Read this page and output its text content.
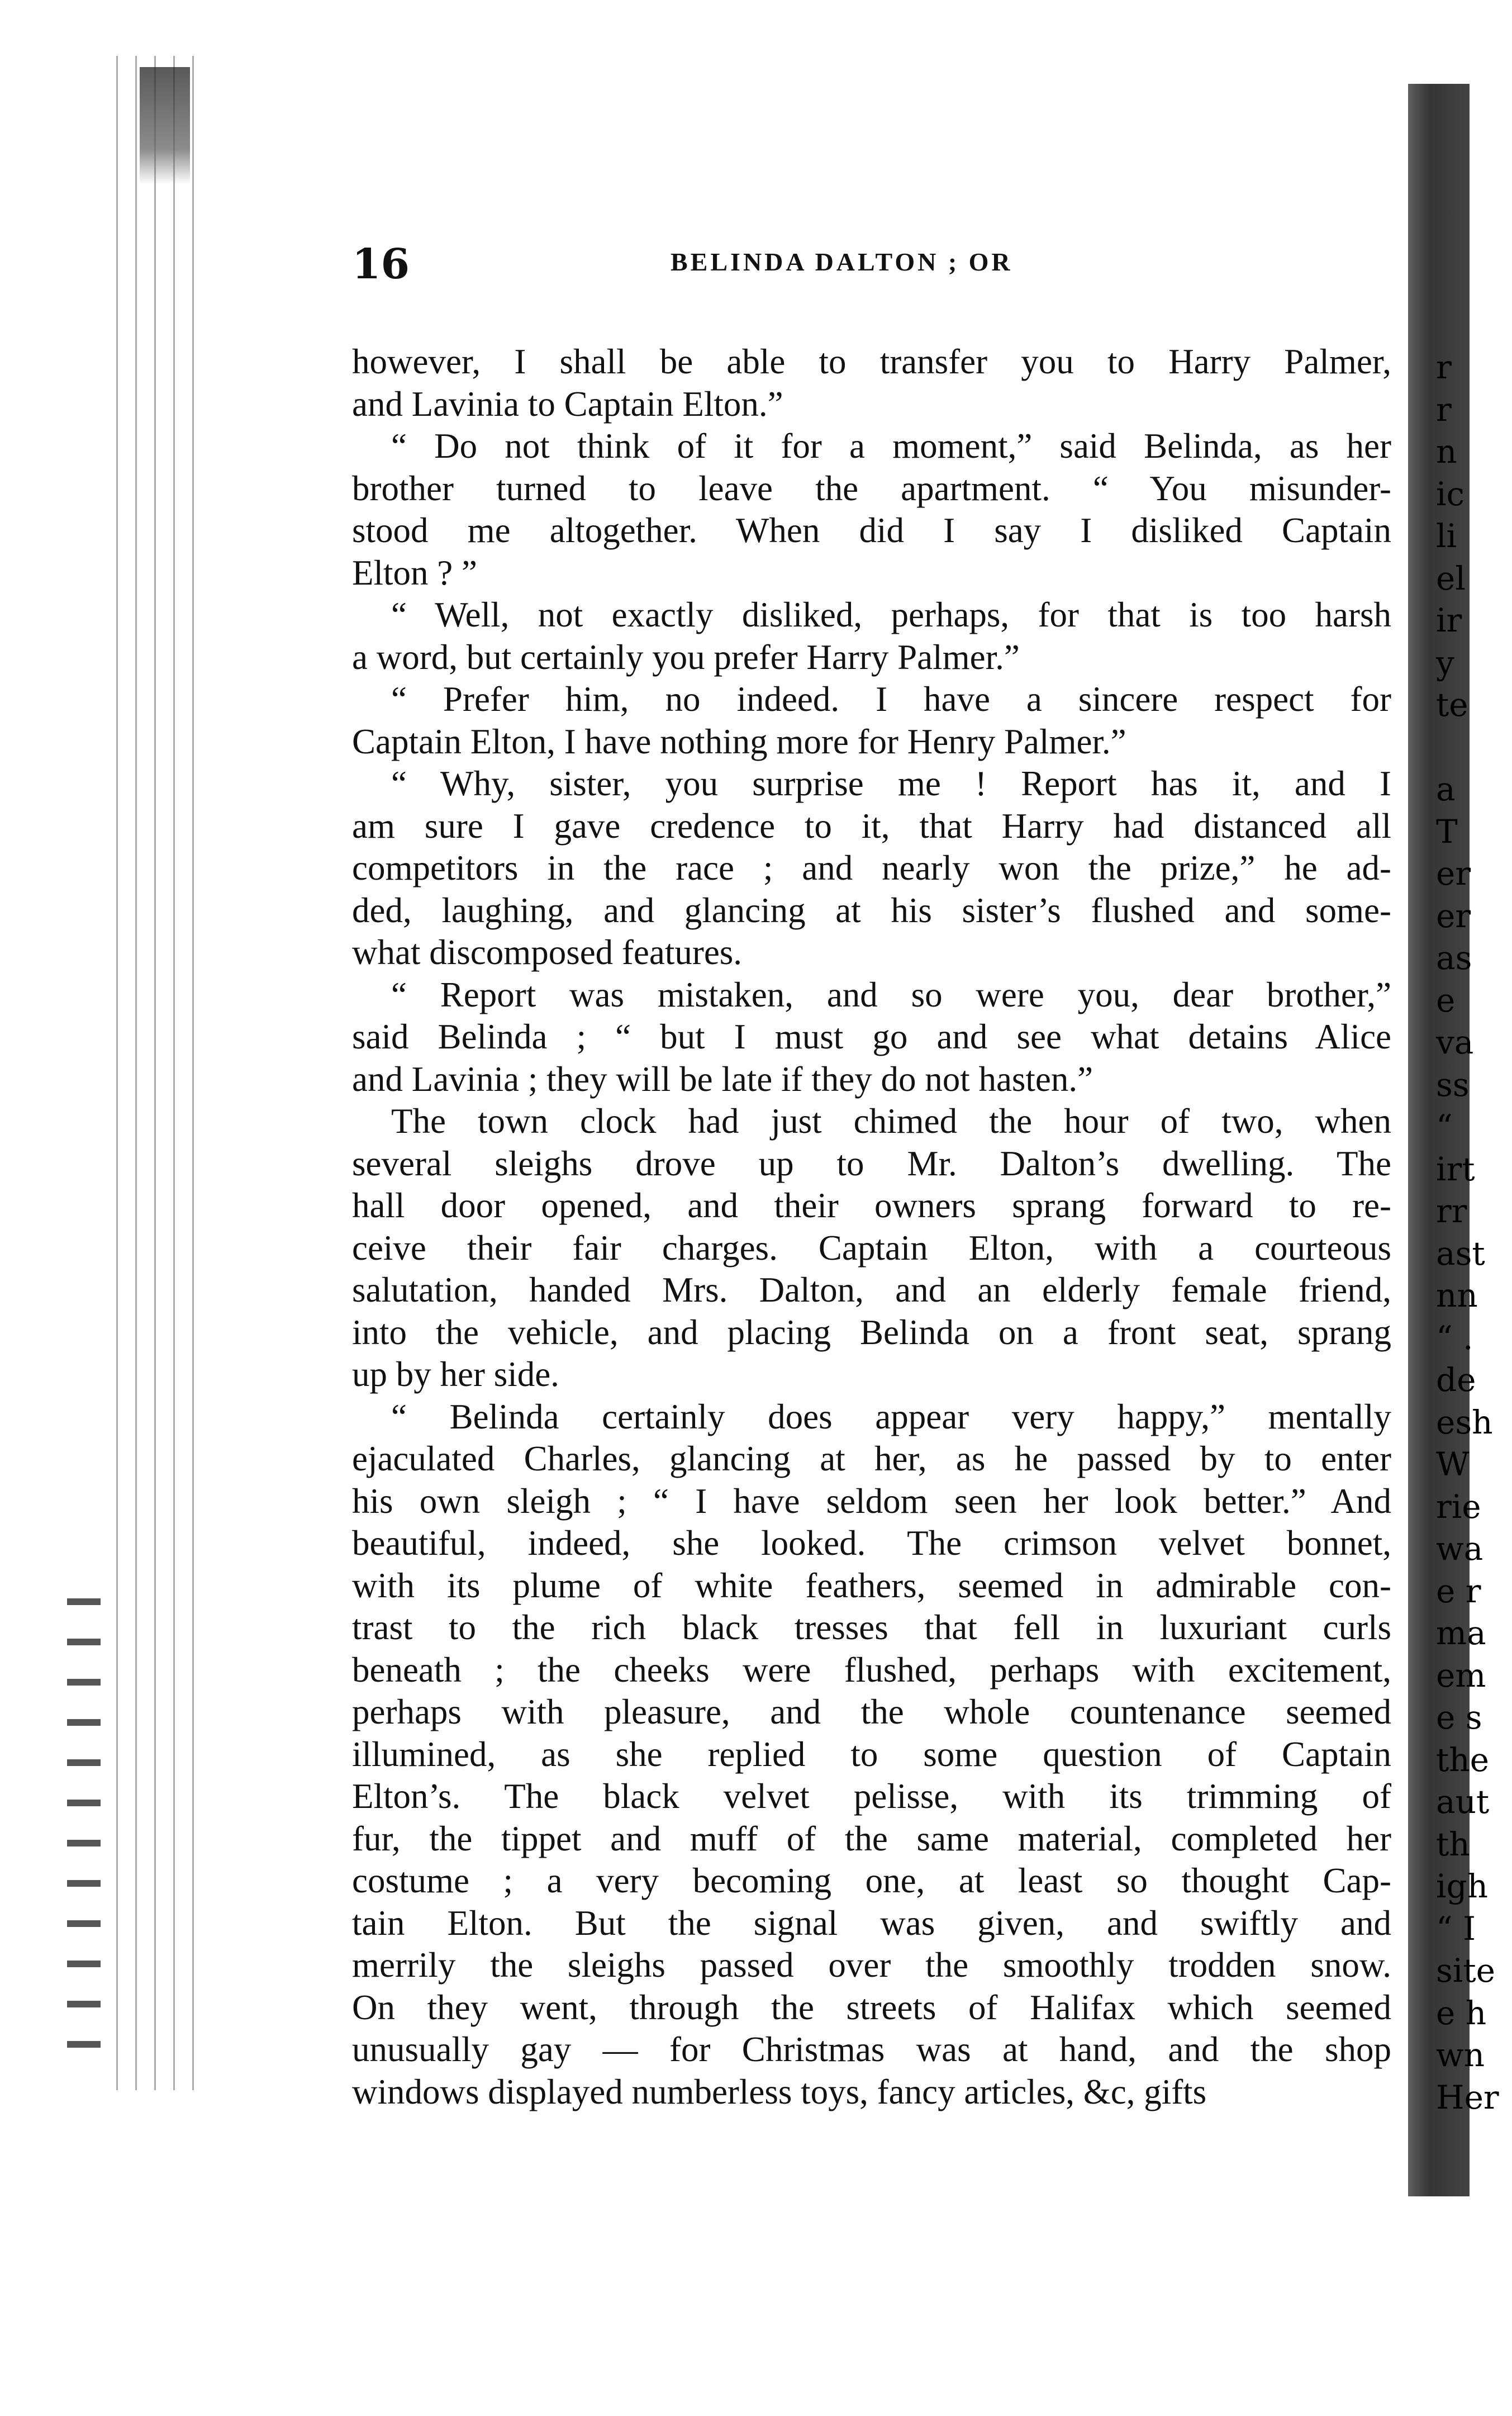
r
r
n
ic
li
el
ir
y
te

a
T
er
er
as
e
va
ss
“
irt
rr
ast
nn
“ .
de
esh
W
rie
wa
e r
ma
em
e s
the
aut
th
igh
“ I
site
e h
wn
Her
16	BELINDA DALTON ; OR
however, I shall be able to transfer you to Harry Palmer,
and Lavinia to Captain Elton.”
“ Do not think of it for a moment,” said Belinda, as her
brother turned to leave the apartment. “ You misunder-
stood me altogether. When did I say I disliked Captain
Elton ? ”
“ Well, not exactly disliked, perhaps, for that is too harsh
a word, but certainly you prefer Harry Palmer.”
“ Prefer him, no indeed. I have a sincere respect for
Captain Elton, I have nothing more for Henry Palmer.”
“ Why, sister, you surprise me ! Report has it, and I
am sure I gave credence to it, that Harry had distanced all
competitors in the race ; and nearly won the prize,” he ad-
ded, laughing, and glancing at his sister’s flushed and some-
what discomposed features.
“ Report was mistaken, and so were you, dear brother,”
said Belinda ; “ but I must go and see what detains Alice
and Lavinia ; they will be late if they do not hasten.”
The town clock had just chimed the hour of two, when
several sleighs drove up to Mr. Dalton’s dwelling. The
hall door opened, and their owners sprang forward to re-
ceive their fair charges. Captain Elton, with a courteous
salutation, handed Mrs. Dalton, and an elderly female friend,
into the vehicle, and placing Belinda on a front seat, sprang
up by her side.
“ Belinda certainly does appear very happy,” mentally
ejaculated Charles, glancing at her, as he passed by to enter
his own sleigh ; “ I have seldom seen her look better.” And
beautiful, indeed, she looked. The crimson velvet bonnet,
with its plume of white feathers, seemed in admirable con-
trast to the rich black tresses that fell in luxuriant curls
beneath ; the cheeks were flushed, perhaps with excitement,
perhaps with pleasure, and the whole countenance seemed
illumined, as she replied to some question of Captain
Elton’s. The black velvet pelisse, with its trimming of
fur, the tippet and muff of the same material, completed her
costume ; a very becoming one, at least so thought Cap-
tain Elton. But the signal was given, and swiftly and
merrily the sleighs passed over the smoothly trodden snow.
On they went, through the streets of Halifax which seemed
unusually gay — for Christmas was at hand, and the shop
windows displayed numberless toys, fancy articles, &c, gifts
